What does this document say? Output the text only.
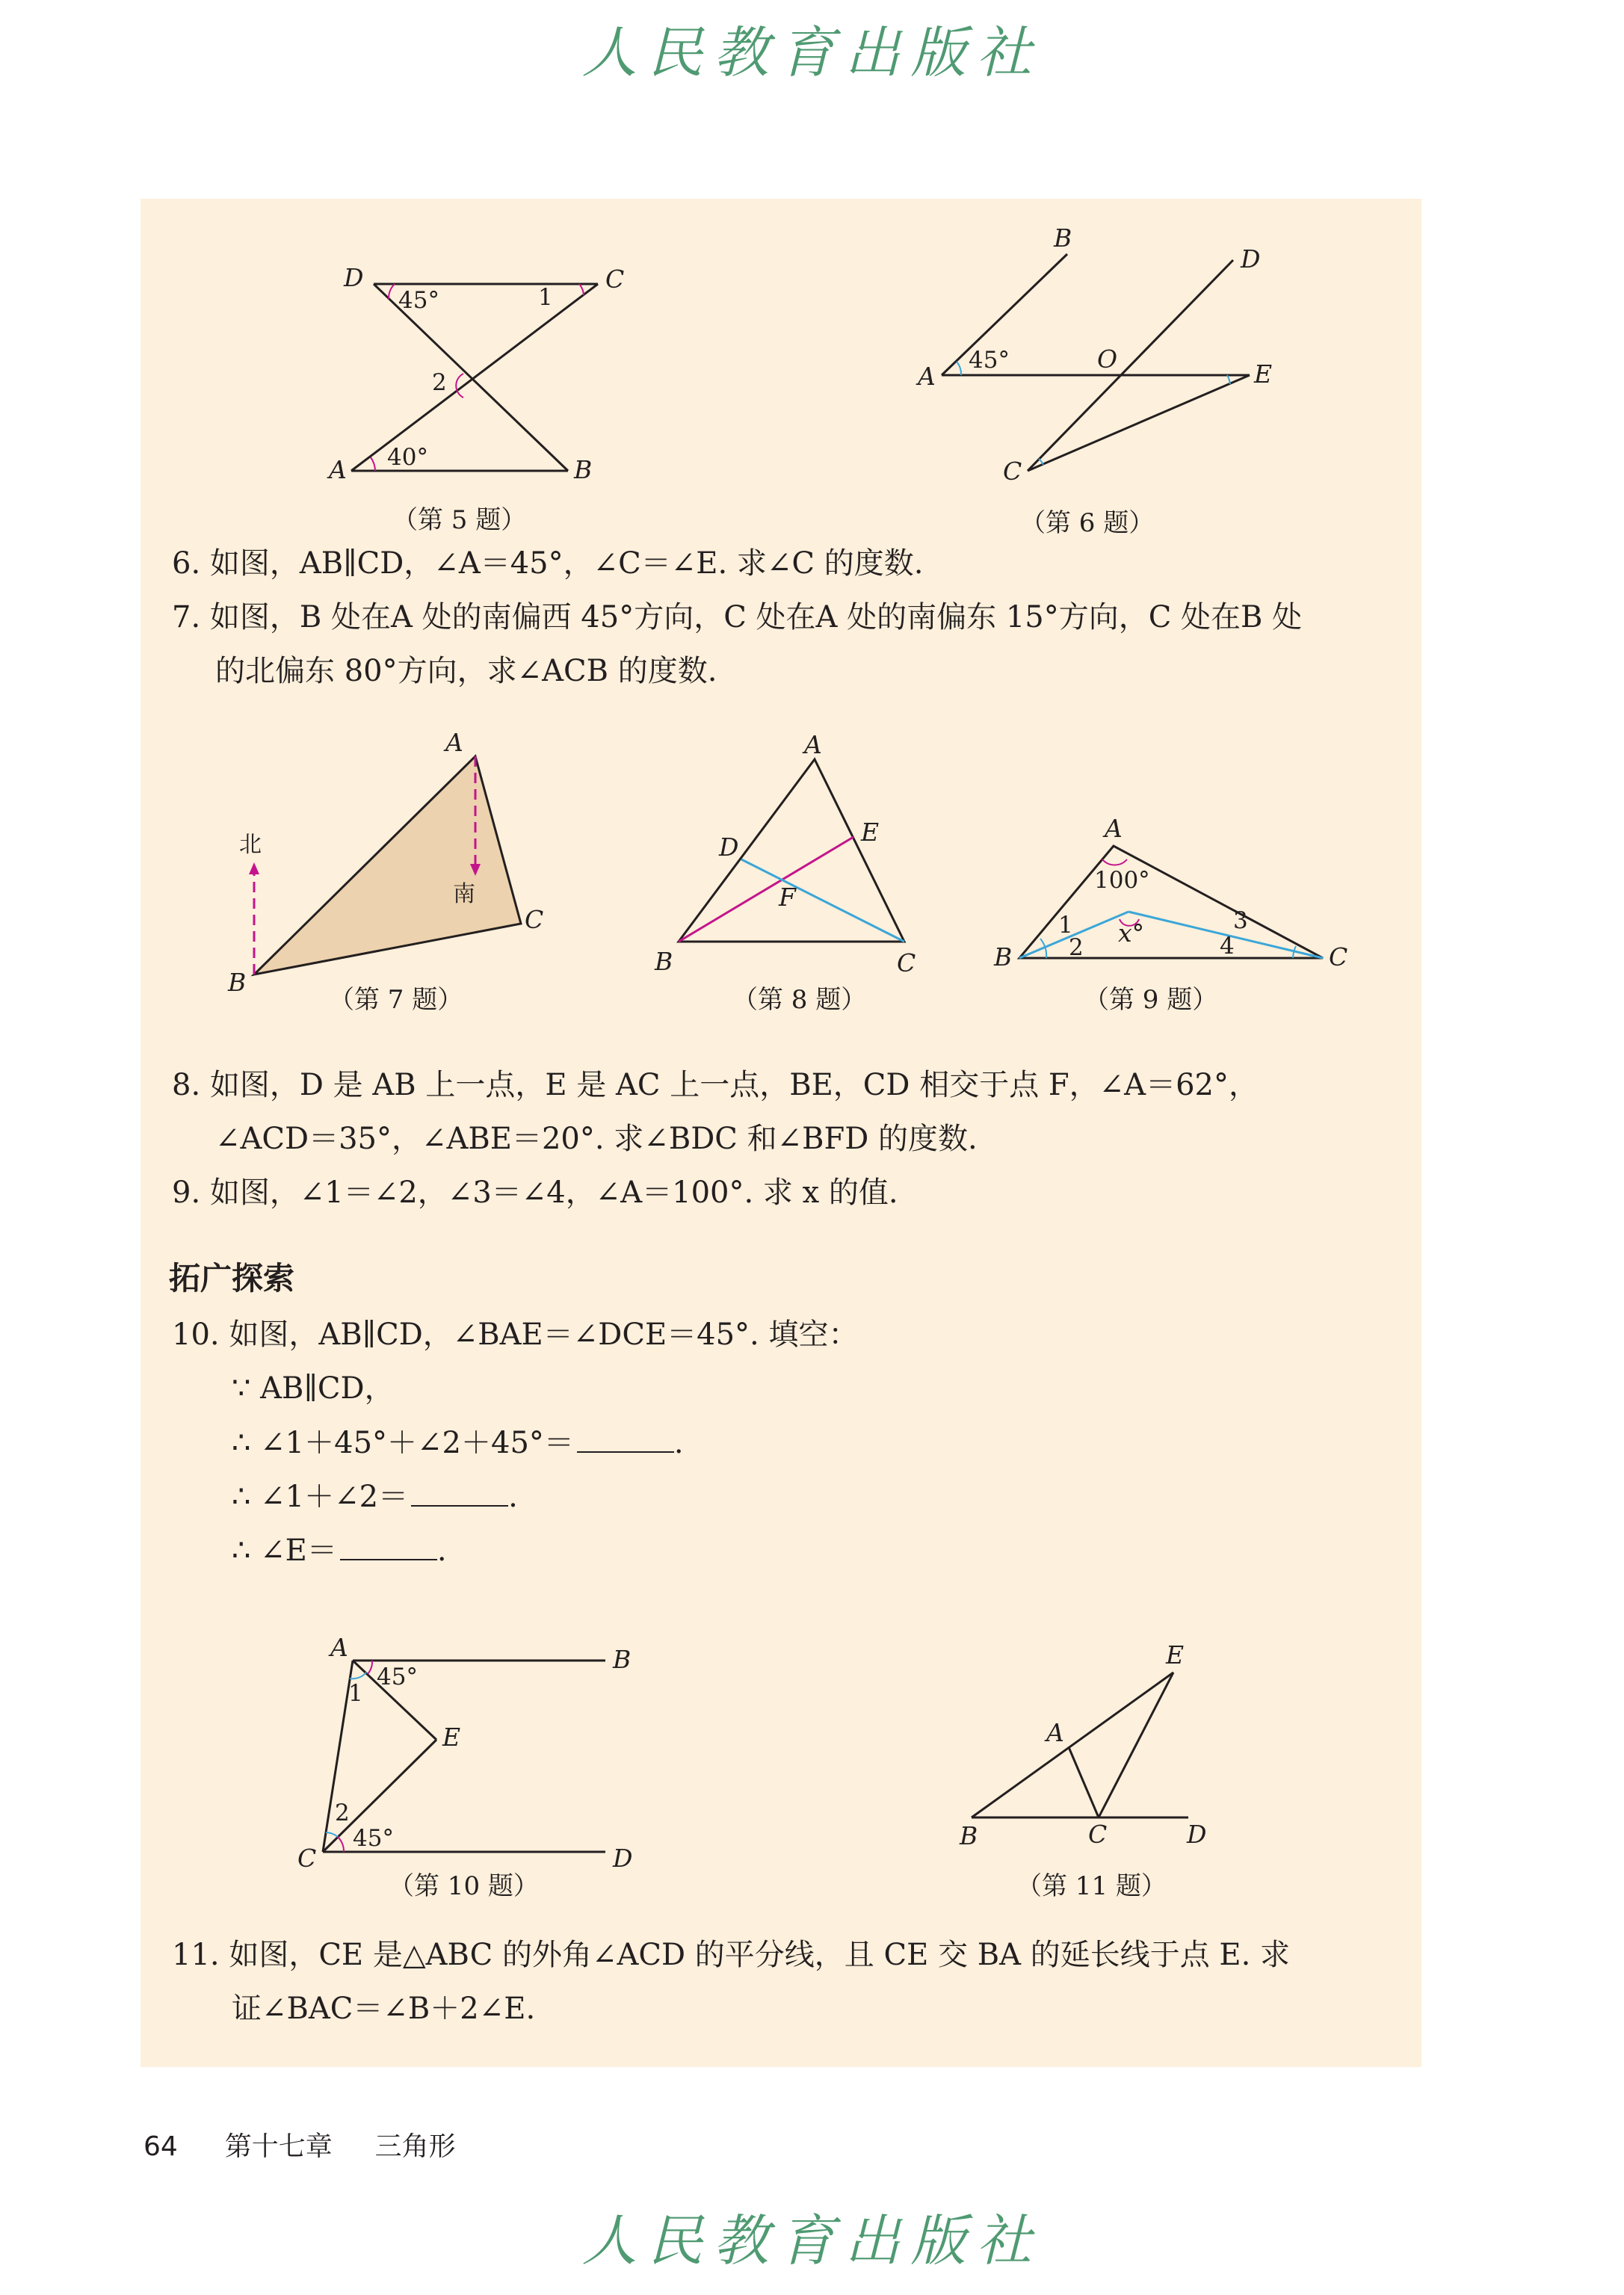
人民教育出版社
D	C
A	B
45°	1
2
40°
（第 5 题）
B
D
A
O
E
C
45°
（第 6 题）
6. 如图，AB∥CD，∠A＝45°，∠C＝∠E. 求∠C 的度数.
7. 如图，B 处在A 处的南偏西 45°方向，C 处在A 处的南偏东 15°方向，C 处在B 处
的北偏东 80°方向，求∠ACB 的度数.
A
C
B
北
南
（第 7 题）
A
D
E
F
B	C
（第 8 题）
A
B	C
100°
x°
1
2
3
4
（第 9 题）
8. 如图，D 是 AB 上一点，E 是 AC 上一点，BE，CD 相交于点 F，∠A＝62°，
∠ACD＝35°，∠ABE＝20°. 求∠BDC 和∠BFD 的度数.
9. 如图，∠1＝∠2，∠3＝∠4，∠A＝100°. 求 x 的值.
拓广探索
10. 如图，AB∥CD，∠BAE＝∠DCE＝45°. 填空：
∵ AB∥CD，
∴ ∠1＋45°＋∠2＋45°＝	.
∴ ∠1＋∠2＝	.
∴ ∠E＝	.
A	B
E
C	D
1
2
45°
45°
（第 10 题）
E
A
B	C	D
（第 11 题）
11. 如图，CE 是△ABC 的外角∠ACD 的平分线，且 CE 交 BA 的延长线于点 E. 求
证∠BAC＝∠B＋2∠E.
64 第十七章 三角形
人民教育出版社
